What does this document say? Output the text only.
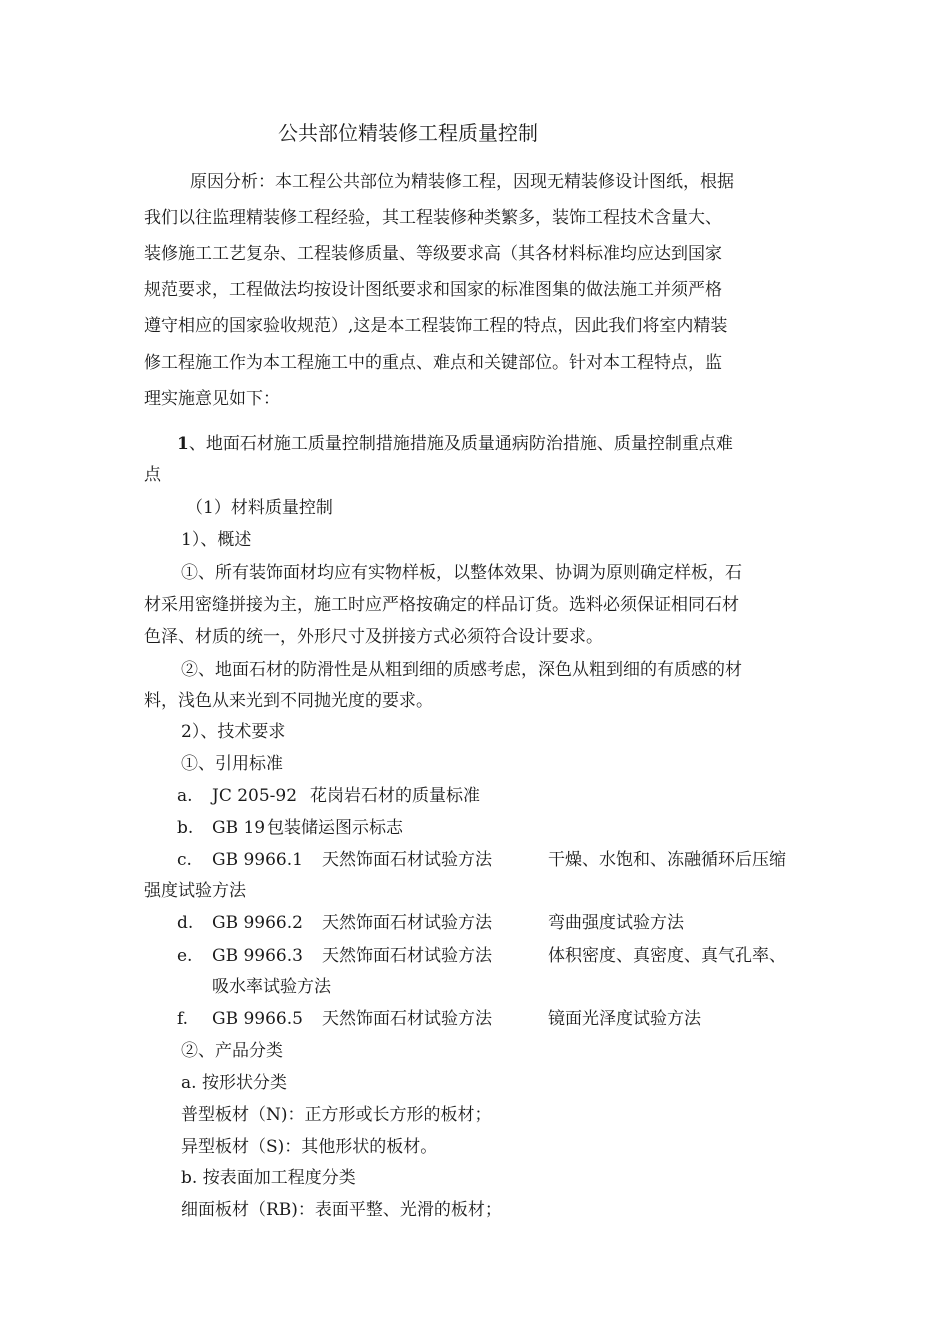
公共部位精装修工程质量控制
原因分析：本工程公共部位为精装修工程，因现无精装修设计图纸，根据
我们以往监理精装修工程经验，其工程装修种类繁多，装饰工程技术含量大、
装修施工工艺复杂、工程装修质量、等级要求高（其各材料标准均应达到国家
规范要求，工程做法均按设计图纸要求和国家的标准图集的做法施工并须严格
遵守相应的国家验收规范）,这是本工程装饰工程的特点，因此我们将室内精装
修工程施工作为本工程施工中的重点、难点和关键部位。针对本工程特点，监
理实施意见如下：
1、地面石材施工质量控制措施措施及质量通病防治措施、质量控制重点难
点
（1）材料质量控制
1）、概述
①、所有装饰面材均应有实物样板，以整体效果、协调为原则确定样板，石
材采用密缝拼接为主，施工时应严格按确定的样品订货。选料必须保证相同石材
色泽、材质的统一，外形尺寸及拼接方式必须符合设计要求。
②、地面石材的防滑性是从粗到细的质感考虑，深色从粗到细的有质感的材
料，浅色从来光到不同抛光度的要求。
2）、技术要求
①、引用标准
a. JC 205-92 花岗岩石材的质量标准
b. GB 19 包装储运图示标志
c. GB 9966.1 天然饰面石材试验方法	干燥、水饱和、冻融循环后压缩
强度试验方法
d. GB 9966.2 天然饰面石材试验方法	弯曲强度试验方法
e. GB 9966.3 天然饰面石材试验方法	体积密度、真密度、真气孔率、
吸水率试验方法
f. GB 9966.5 天然饰面石材试验方法	镜面光泽度试验方法
②、产品分类
a. 按形状分类
普型板材（N)：正方形或长方形的板材；
异型板材（S)：其他形状的板材。
b. 按表面加工程度分类
细面板材（RB)：表面平整、光滑的板材；
